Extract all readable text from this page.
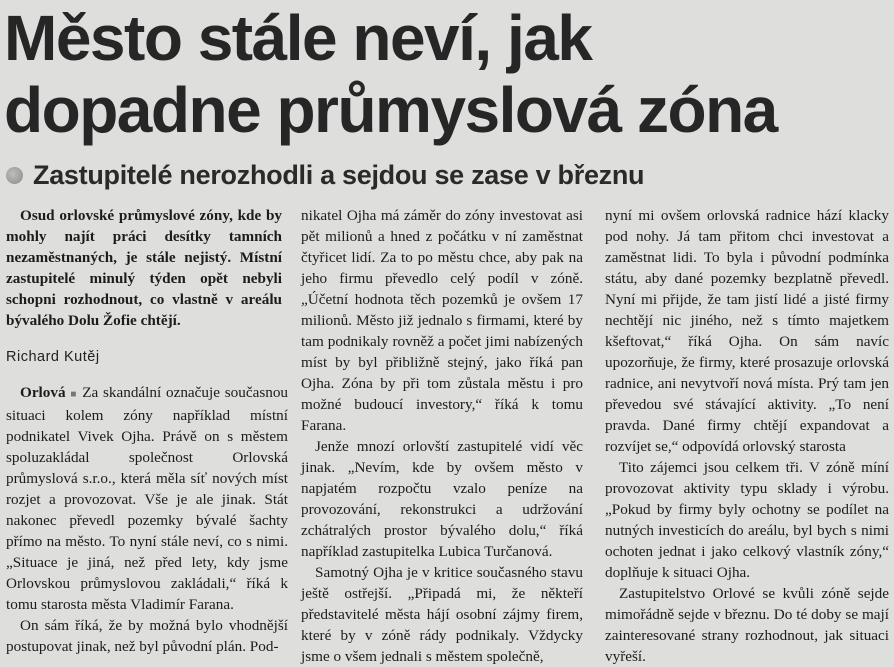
Město stále neví, jak
dopadne průmyslová zóna
Zastupitelé nerozhodli a sejdou se zase v březnu

Osud orlovské průmyslové zóny, kde by mohly najít práci desítky tamních nezaměstnaných, je stále nejistý. Místní zastupitelé minulý týden opět nebyli schopni rozhodnout, co vlastně v areálu bývalého Dolu Žofie chtějí.

Richard Kutěj

Orlová ■ Za skandální označuje současnou situaci kolem zóny například místní podnikatel Vivek Ojha. Právě on s městem spoluzakládal společnost Orlovská průmyslová s.r.o., která měla síť nových míst rozjet a provozovat. Vše je ale jinak. Stát nakonec převedl pozemky bývalé šachty přímo na město. To nyní stále neví, co s nimi. „Situace je jiná, než před lety, kdy jsme Orlovskou průmyslovou zakládali,“ říká k tomu starosta města Vladimír Farana.

On sám říká, že by možná bylo vhodnější postupovat jinak, než byl původní plán. Pod-

nikatel Ojha má záměr do zóny investovat asi pět milionů a hned z počátku v ní zaměstnat čtyřicet lidí. Za to po městu chce, aby pak na jeho firmu převedlo celý podíl v zóně. „Účetní hodnota těch pozemků je ovšem 17 milionů. Město již jednalo s firmami, které by tam podnikaly rovněž a počet jimi nabízených míst by byl přibližně stejný, jako říká pan Ojha. Zóna by při tom zůstala městu i pro možné budoucí investory,“ říká k tomu Farana.

Jenže mnozí orlovští zastupitelé vidí věc jinak. „Nevím, kde by ovšem město v napjatém rozpočtu vzalo peníze na provozování, rekonstrukci a udržování zchátralých prostor bývalého dolu,“ říká například zastupitelka Lubica Turčanová.

Samotný Ojha je v kritice současného stavu ještě ostřejší. „Připadá mi, že někteří představitelé města hájí osobní zájmy firem, které by v zóně rády podnikaly. Vždycky jsme o všem jednali s městem společně,

nyní mi ovšem orlovská radnice hází klacky pod nohy. Já tam přitom chci investovat a zaměstnat lidi. To byla i původní podmínka státu, aby dané pozemky bezplatně převedl. Nyní mi přijde, že tam jistí lidé a jisté firmy nechtějí nic jiného, než s tímto majetkem kšeftovat,“ říká Ojha. On sám navíc upozorňuje, že firmy, které prosazuje orlovská radnice, ani nevytvoří nová místa. Prý tam jen převedou své stávající aktivity. „To není pravda. Dané firmy chtějí expandovat a rozvíjet se,“ odpovídá orlovský starosta

Tito zájemci jsou celkem tři. V zóně míní provozovat aktivity typu sklady i výrobu. „Pokud by firmy byly ochotny se podílet na nutných investicích do areálu, byl bych s nimi ochoten jednat i jako celkový vlastník zóny,“ doplňuje k situaci Ojha.

Zastupitelstvo Orlové se kvůli zóně sejde mimořádně sejde v březnu. Do té doby se mají zainteresované strany rozhodnout, jak situaci vyřeší.
